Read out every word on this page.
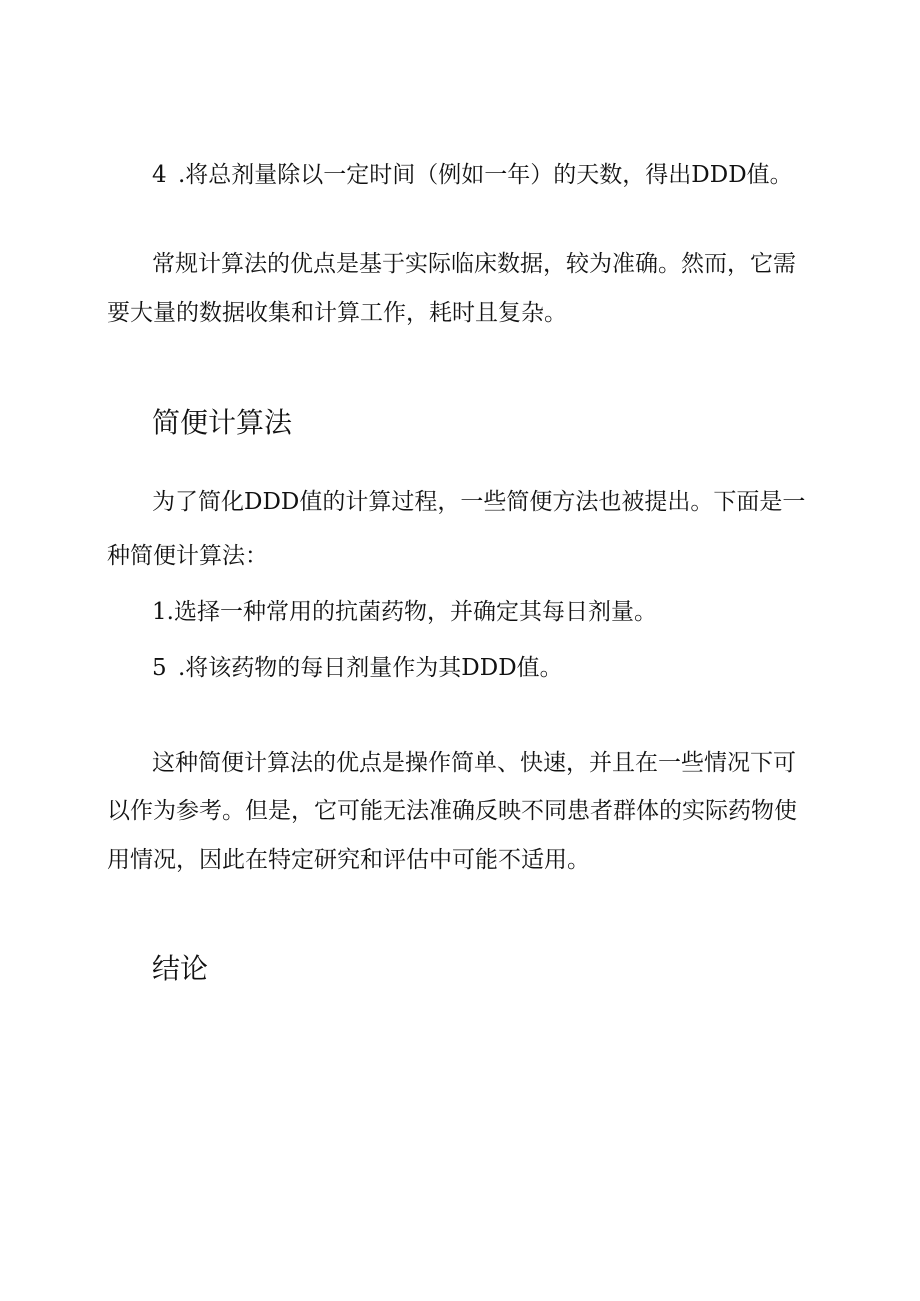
4 .将总剂量除以一定时间（例如一年）的天数，得出DDD值。
常规计算法的优点是基于实际临床数据，较为准确。然而，它需
要大量的数据收集和计算工作，耗时且复杂。
简便计算法
为了简化DDD值的计算过程，一些简便方法也被提出。下面是一
种简便计算法：
1.选择一种常用的抗菌药物，并确定其每日剂量。
5 .将该药物的每日剂量作为其DDD值。
这种简便计算法的优点是操作简单、快速，并且在一些情况下可
以作为参考。但是，它可能无法准确反映不同患者群体的实际药物使
用情况，因此在特定研究和评估中可能不适用。
结论
